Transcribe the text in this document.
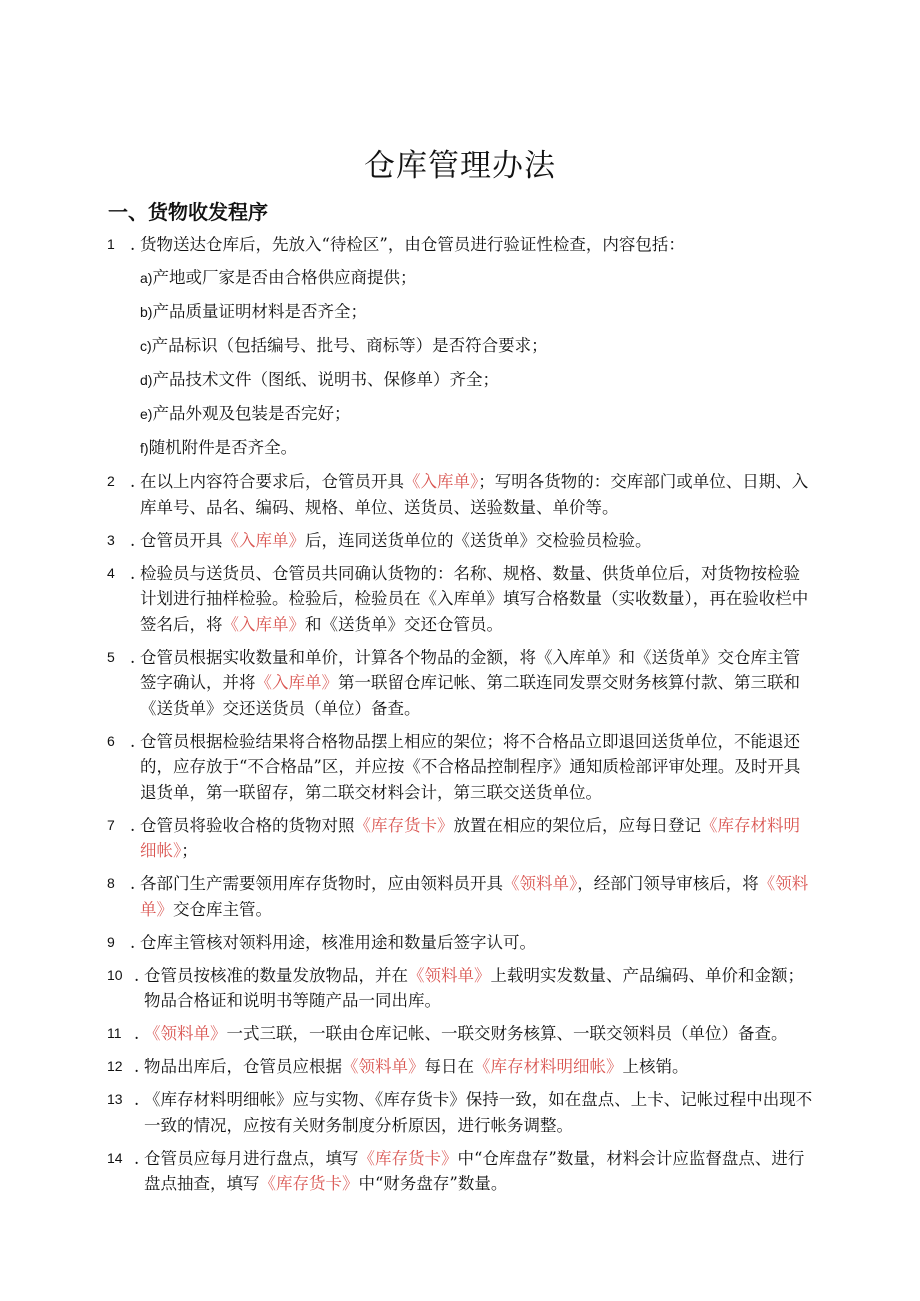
仓库管理办法
一、货物收发程序
1 . 货物送达仓库后，先放入“待检区”，由仓管员进行验证性检查，内容包括：
a)产地或厂家是否由合格供应商提供；
b)产品质量证明材料是否齐全；
c)产品标识（包括编号、批号、商标等）是否符合要求；
d)产品技术文件（图纸、说明书、保修单）齐全；
e)产品外观及包装是否完好；
f)随机附件是否齐全。
2 . 在以上内容符合要求后，仓管员开具《入库单》；写明各货物的：交库部门或单位、日期、入库单号、品名、编码、规格、单位、送货员、送验数量、单价等。
3 . 仓管员开具《入库单》后，连同送货单位的《送货单》交检验员检验。
4 . 检验员与送货员、仓管员共同确认货物的：名称、规格、数量、供货单位后，对货物按检验计划进行抽样检验。检验后，检验员在《入库单》填写合格数量（实收数量），再在验收栏中签名后，将《入库单》和《送货单》交还仓管员。
5 . 仓管员根据实收数量和单价，计算各个物品的金额，将《入库单》和《送货单》交仓库主管签字确认，并将《入库单》第一联留仓库记帐、第二联连同发票交财务核算付款、第三联和《送货单》交还送货员（单位）备查。
6 . 仓管员根据检验结果将合格物品摆上相应的架位；将不合格品立即退回送货单位，不能退还的，应存放于“不合格品”区，并应按《不合格品控制程序》通知质检部评审处理。及时开具退货单，第一联留存，第二联交材料会计，第三联交送货单位。
7 . 仓管员将验收合格的货物对照《库存货卡》放置在相应的架位后，应每日登记《库存材料明细帐》；
8 . 各部门生产需要领用库存货物时，应由领料员开具《领料单》，经部门领导审核后，将《领料单》交仓库主管。
9 . 仓库主管核对领料用途，核准用途和数量后签字认可。
10 . 仓管员按核准的数量发放物品，并在《领料单》上载明实发数量、产品编码、单价和金额；物品合格证和说明书等随产品一同出库。
11 . 《领料单》一式三联，一联由仓库记帐、一联交财务核算、一联交领料员（单位）备查。
12 . 物品出库后，仓管员应根据《领料单》每日在《库存材料明细帐》上核销。
13 . 《库存材料明细帐》应与实物、《库存货卡》保持一致，如在盘点、上卡、记帐过程中出现不一致的情况，应按有关财务制度分析原因，进行帐务调整。
14 . 仓管员应每月进行盘点，填写《库存货卡》中“仓库盘存”数量，材料会计应监督盘点、进行盘点抽查，填写《库存货卡》中“财务盘存”数量。
